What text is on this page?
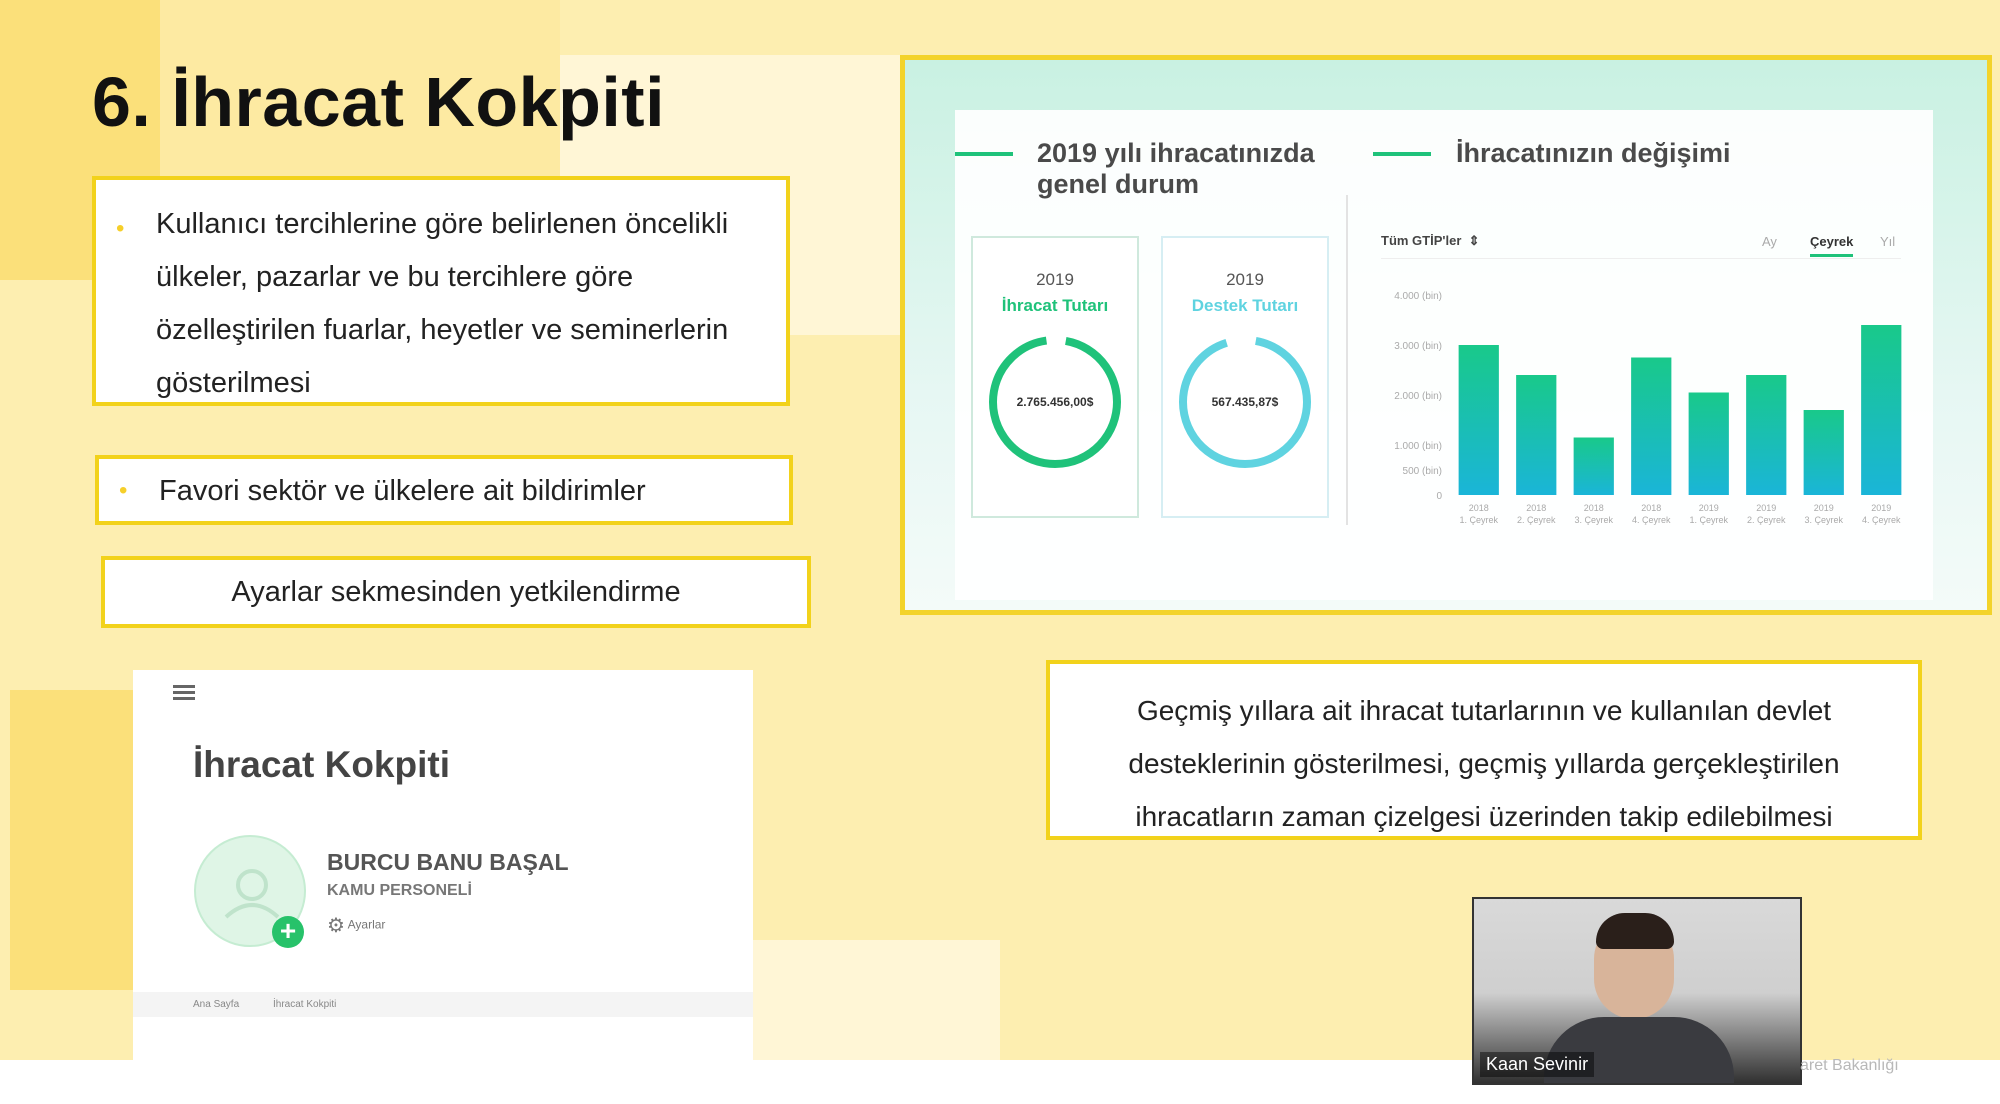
6. İhracat Kokpiti
• Kullanıcı tercihlerine göre belirlenen öncelikli ülkeler, pazarlar ve bu tercihlere göre özelleştirilen fuarlar, heyetler ve seminerlerin gösterilmesi
• Favori sektör ve ülkelere ait bildirimler
Ayarlar sekmesinden yetkilendirme
2019 yılı ihracatınızda
genel durum
İhracatınızın değişimi
2019
İhracat Tutarı
2.765.456,00$
2019
Destek Tutarı
567.435,87$
Tüm GTİP'ler  ⇕	Ay	Çeyrek Yıl
4.000 (bin)
3.000 (bin)
2.000 (bin)
1.000 (bin)
500 (bin)
0
2018
1. Çeyrek
2018
2. Çeyrek
2018
3. Çeyrek
2018
4. Çeyrek
2019
1. Çeyrek
2019
2. Çeyrek
2019
3. Çeyrek
2019
4. Çeyrek
İhracat Kokpiti
+
BURCU BANU BAŞAL
KAMU PERSONELİ
⚙ Ayarlar
Ana Sayfa	İhracat Kokpiti
Geçmiş yıllara ait ihracat tutarlarının ve kullanılan devlet
desteklerinin gösterilmesi, geçmiş yıllarda gerçekleştirilen
ihracatların zaman çizelgesi üzerinden takip edilebilmesi
Kaan Sevinir	aret Bakanlığı
